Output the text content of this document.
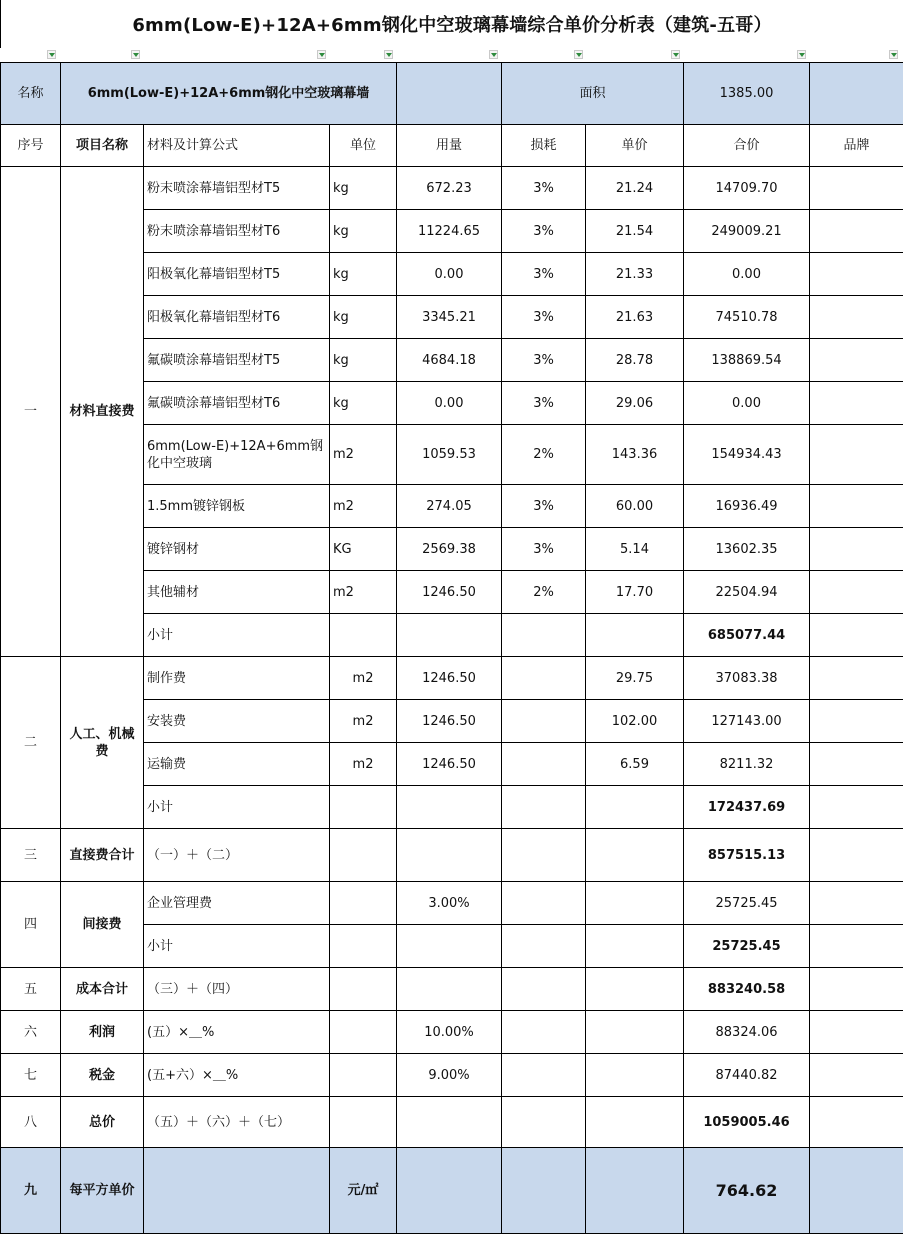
6mm(Low-E)+12A+6mm钢化中空玻璃幕墙综合单价分析表（建筑-五哥）
名称	6mm(Low-E)+12A+6mm钢化中空玻璃幕墙				面积		1385.00	
序号	项目名称	材料及计算公式	单位	用量	损耗	单价	合价	品牌
一	材料直接费	粉末喷涂幕墙铝型材T5	kg	672.23	3%	21.24	14709.70	
		粉末喷涂幕墙铝型材T6	kg	11224.65	3%	21.54	249009.21	
		阳极氧化幕墙铝型材T5	kg	0.00	3%	21.33	0.00	
		阳极氧化幕墙铝型材T6	kg	3345.21	3%	21.63	74510.78	
		氟碳喷涂幕墙铝型材T5	kg	4684.18	3%	28.78	138869.54	
		氟碳喷涂幕墙铝型材T6	kg	0.00	3%	29.06	0.00	
		6mm(Low-E)+12A+6mm钢化中空玻璃	m2	1059.53	2%	143.36	154934.43	
		1.5mm镀锌钢板	m2	274.05	3%	60.00	16936.49	
		镀锌钢材	KG	2569.38	3%	5.14	13602.35	
		其他辅材	m2	1246.50	2%	17.70	22504.94	
		小计					685077.44	
二	人工、机械费	制作费	m2	1246.50		29.75	37083.38	
		安装费	m2	1246.50		102.00	127143.00	
		运输费	m2	1246.50		6.59	8211.32	
		小计					172437.69	
三	直接费合计	（一）＋（二）					857515.13	
四	间接费	企业管理费		3.00%			25725.45	
		小计					25725.45	
五	成本合计	（三）＋（四）					883240.58	
六	利润	(五）×＿%		10.00%			88324.06	
七	税金	(五+六）×＿%		9.00%			87440.82	
八	总价	（五）＋（六）＋（七）					1059005.46	
九	每平方单价		元/㎡				764.62	
